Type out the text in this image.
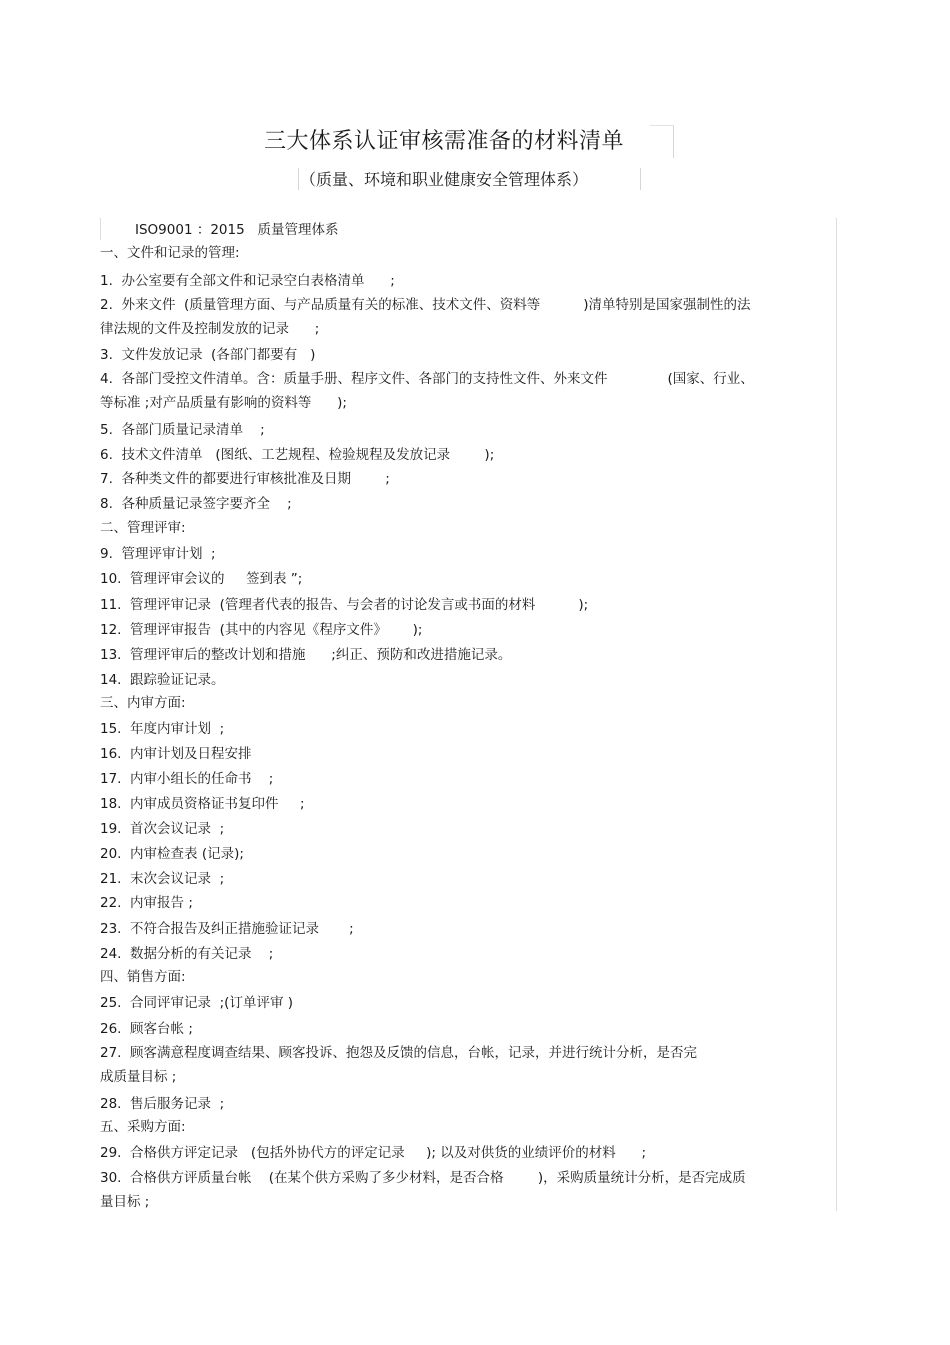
三大体系认证审核需准备的材料清单
（质量、环境和职业健康安全管理体系）
ISO9001 ：2015   质量管理体系
一、文件和记录的管理:
1.  办公室要有全部文件和记录空白表格清单      ;
2.  外来文件  (质量管理方面、与产品质量有关的标准、技术文件、资料等          )清单特别是国家强制性的法
律法规的文件及控制发放的记录      ;
3.  文件发放记录  (各部门都要有   )
4.  各部门受控文件清单。含：质量手册、程序文件、各部门的支持性文件、外来文件              (国家、行业、
等标准 ;对产品质量有影响的资料等      );
5.  各部门质量记录清单    ;
6.  技术文件清单   (图纸、工艺规程、检验规程及发放记录        );
7.  各种类文件的都要进行审核批准及日期        ;
8.  各种质量记录签字要齐全    ;
二、管理评审:
9.  管理评审计划  ;
10.  管理评审会议的     签到表 ”;
11.  管理评审记录  (管理者代表的报告、与会者的讨论发言或书面的材料          );
12.  管理评审报告  (其中的内容见《程序文件》      );
13.  管理评审后的整改计划和措施      ;纠正、预防和改进措施记录。
14.  跟踪验证记录。
三、内审方面:
15.  年度内审计划  ;
16.  内审计划及日程安排
17.  内审小组长的任命书    ;
18.  内审成员资格证书复印件     ;
19.  首次会议记录  ;
20.  内审检查表 (记录);
21.  末次会议记录  ;
22.  内审报告 ;
23.  不符合报告及纠正措施验证记录       ;
24.  数据分析的有关记录    ;
四、销售方面:
25.  合同评审记录  ;(订单评审 )
26.  顾客台帐 ;
27.  顾客满意程度调查结果、顾客投诉、抱怨及反馈的信息，台帐，记录，并进行统计分析，是否完
成质量目标 ;
28.  售后服务记录  ;
五、采购方面:
29.  合格供方评定记录   (包括外协代方的评定记录     ); 以及对供货的业绩评价的材料      ;
30.  合格供方评质量台帐    (在某个供方采购了多少材料，是否合格        )，采购质量统计分析，是否完成质
量目标 ;
